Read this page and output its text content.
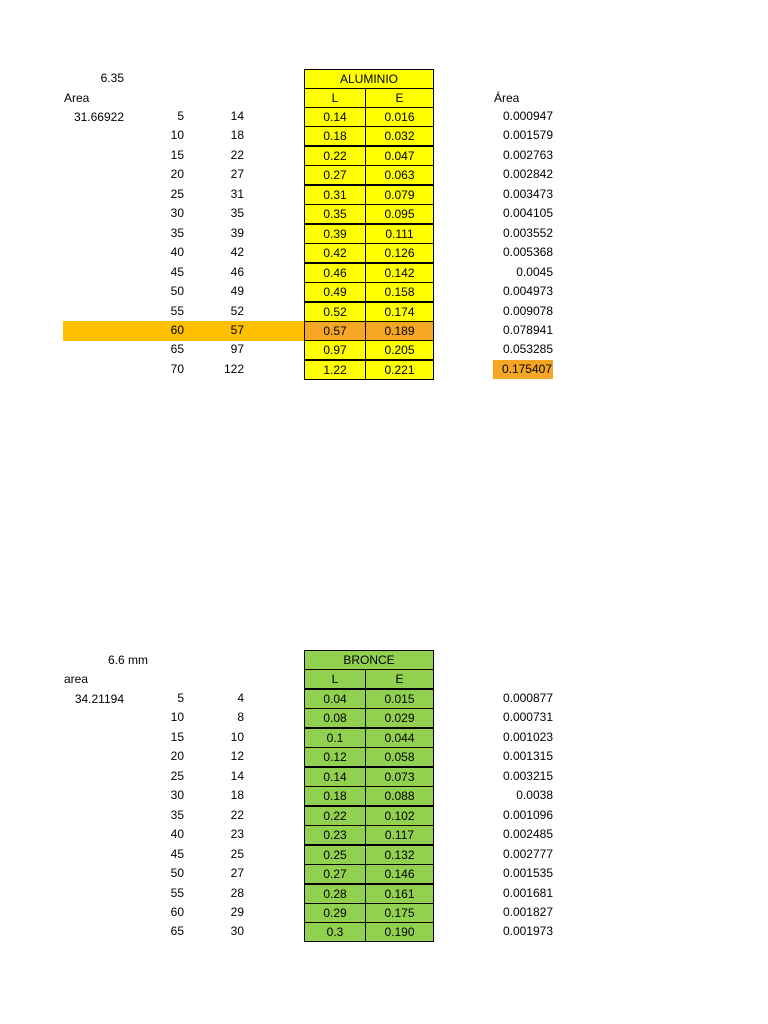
6.35
Area
31.66922
ALUMINIO
L	E	Área
5	14	0.14	0.016	0.000947
10	18	0.18	0.032	0.001579
15	22	0.22	0.047	0.002763
20	27	0.27	0.063	0.002842
25	31	0.31	0.079	0.003473
30	35	0.35	0.095	0.004105
35	39	0.39	0.111	0.003552
40	42	0.42	0.126	0.005368
45	46	0.46	0.142	0.0045
50	49	0.49	0.158	0.004973
55	52	0.52	0.174	0.009078
60	57	0.57	0.189	0.078941
65	97	0.97	0.205	0.053285
70	122	1.22	0.221	0.175407
6.6 mm
area
34.21194
BRONCE
L	E
5	4	0.04	0.015	0.000877
10	8	0.08	0.029	0.000731
15	10	0.1	0.044	0.001023
20	12	0.12	0.058	0.001315
25	14	0.14	0.073	0.003215
30	18	0.18	0.088	0.0038
35	22	0.22	0.102	0.001096
40	23	0.23	0.117	0.002485
45	25	0.25	0.132	0.002777
50	27	0.27	0.146	0.001535
55	28	0.28	0.161	0.001681
60	29	0.29	0.175	0.001827
65	30	0.3	0.190	0.001973
